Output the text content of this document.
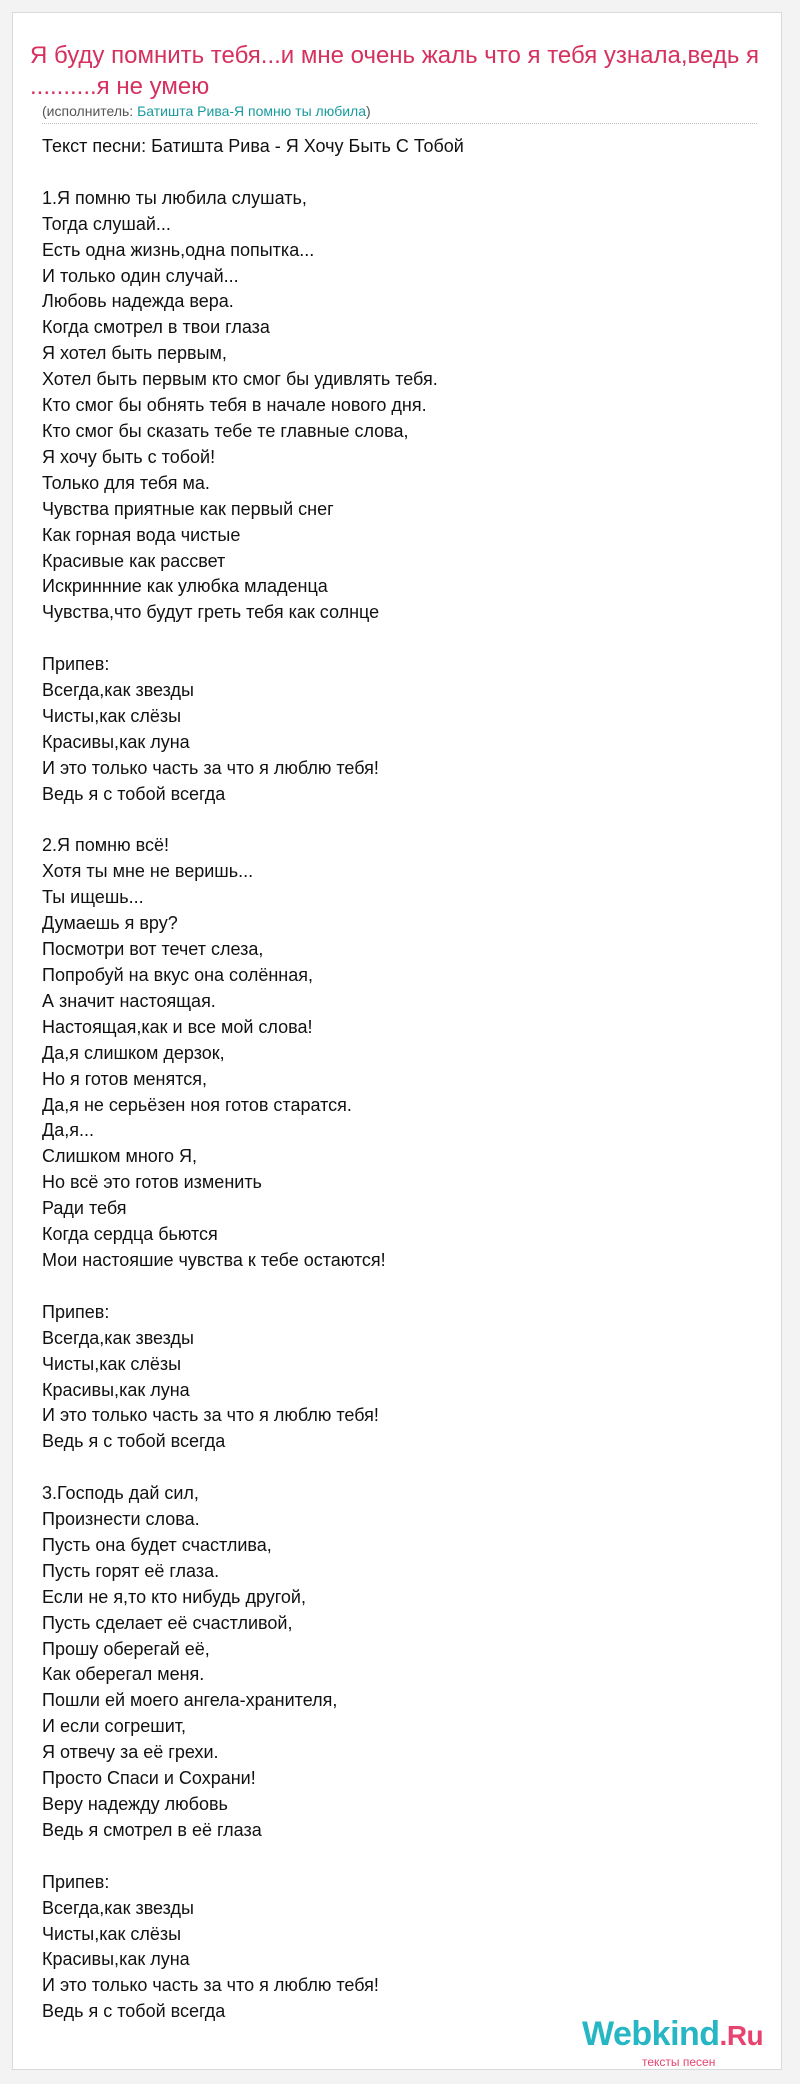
Я буду помнить тебя...и мне очень жаль что я тебя узнала,ведь я ..........я не умею
(исполнитель: Батишта Рива-Я помню ты любила)
Текст песни: Батишта Рива - Я Хочу Быть С Тобой

1.Я помню ты любила слушать,
Тогда слушай...
Есть одна жизнь,одна попытка...
И только один случай...
Любовь надежда вера.
Когда смотрел в твои глаза
Я хотел быть первым,
Хотел быть первым кто смог бы удивлять тебя.
Кто смог бы обнять тебя в начале нового дня.
Кто смог бы сказать тебе те главные слова,
Я хочу быть с тобой!
Только для тебя ма.
Чувства приятные как первый снег
Как горная вода чистые
Красивые как рассвет
Искриннние как улюбка младенца
Чувства,что будут греть тебя как солнце

Припев:
Всегда,как звезды
Чисты,как слёзы
Красивы,как луна
И это только часть за что я люблю тебя!
Ведь я с тобой всегда

2.Я помню всё!
Хотя ты мне не веришь...
Ты ищешь...
Думаешь я вру?
Посмотри вот течет слеза,
Попробуй на вкус она солённая,
А значит настоящая.
Настоящая,как и все мой слова!
Да,я слишком дерзок,
Но я готов менятся,
Да,я не серьёзен ноя готов старатся.
Да,я...
Слишком много Я,
Но всё это готов изменить
Ради тебя
Когда сердца бьются
Мои настояшие чувства к тебе остаются!

Припев:
Всегда,как звезды
Чисты,как слёзы
Красивы,как луна
И это только часть за что я люблю тебя!
Ведь я с тобой всегда

3.Господь дай сил,
Произнести слова.
Пусть она будет счастлива,
Пусть горят её глаза.
Если не я,то кто нибудь другой,
Пусть сделает её счастливой,
Прошу оберегай её,
Как оберегал меня.
Пошли ей моего ангела-хранителя,
И если согрешит,
Я отвечу за её грехи.
Просто Спаси и Сохрани!
Веру надежду любовь
Ведь я смотрел в её глаза

Припев:
Всегда,как звезды
Чисты,как слёзы
Красивы,как луна
И это только часть за что я люблю тебя!
Ведь я с тобой всегда
Webkind.Ru
тексты песен
